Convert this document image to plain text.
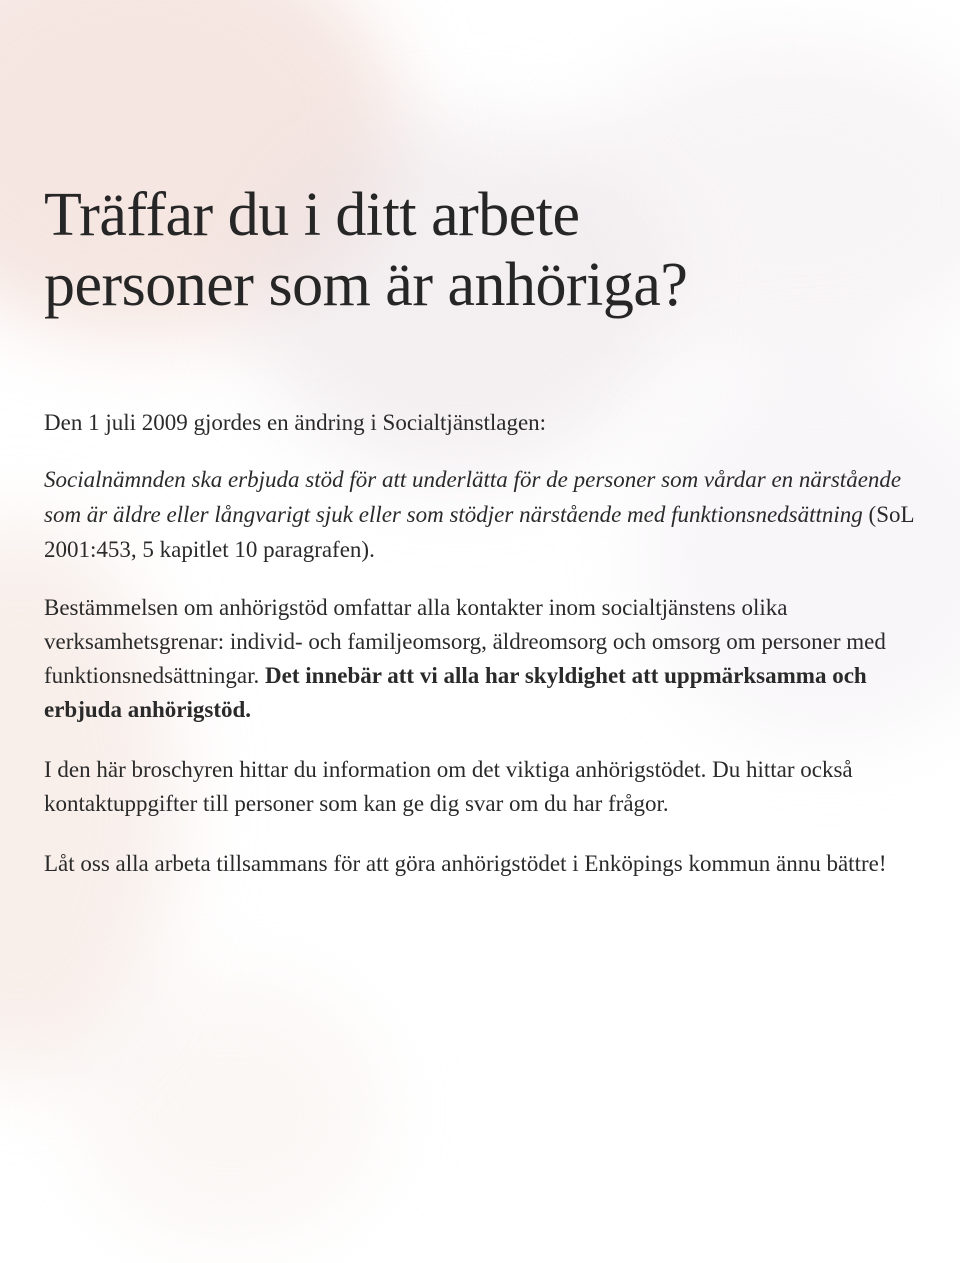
Träffar du i ditt arbete
personer som är anhöriga?

Den 1 juli 2009 gjordes en ändring i Socialtjänstlagen:

Socialnämnden ska erbjuda stöd för att underlätta för de personer som vårdar en närstående som är äldre eller långvarigt sjuk eller som stödjer närstående med funktionsnedsättning (SoL 2001:453, 5 kapitlet 10 paragrafen).

Bestämmelsen om anhörigstöd omfattar alla kontakter inom socialtjänstens olika verksamhetsgrenar: individ- och familjeomsorg, äldreomsorg och omsorg om personer med funktionsnedsättningar. Det innebär att vi alla har skyldighet att uppmärksamma och erbjuda anhörigstöd.

I den här broschyren hittar du information om det viktiga anhörigstödet. Du hittar också kontaktuppgifter till personer som kan ge dig svar om du har frågor.

Låt oss alla arbeta tillsammans för att göra anhörigstödet i Enköpings kommun ännu bättre!
